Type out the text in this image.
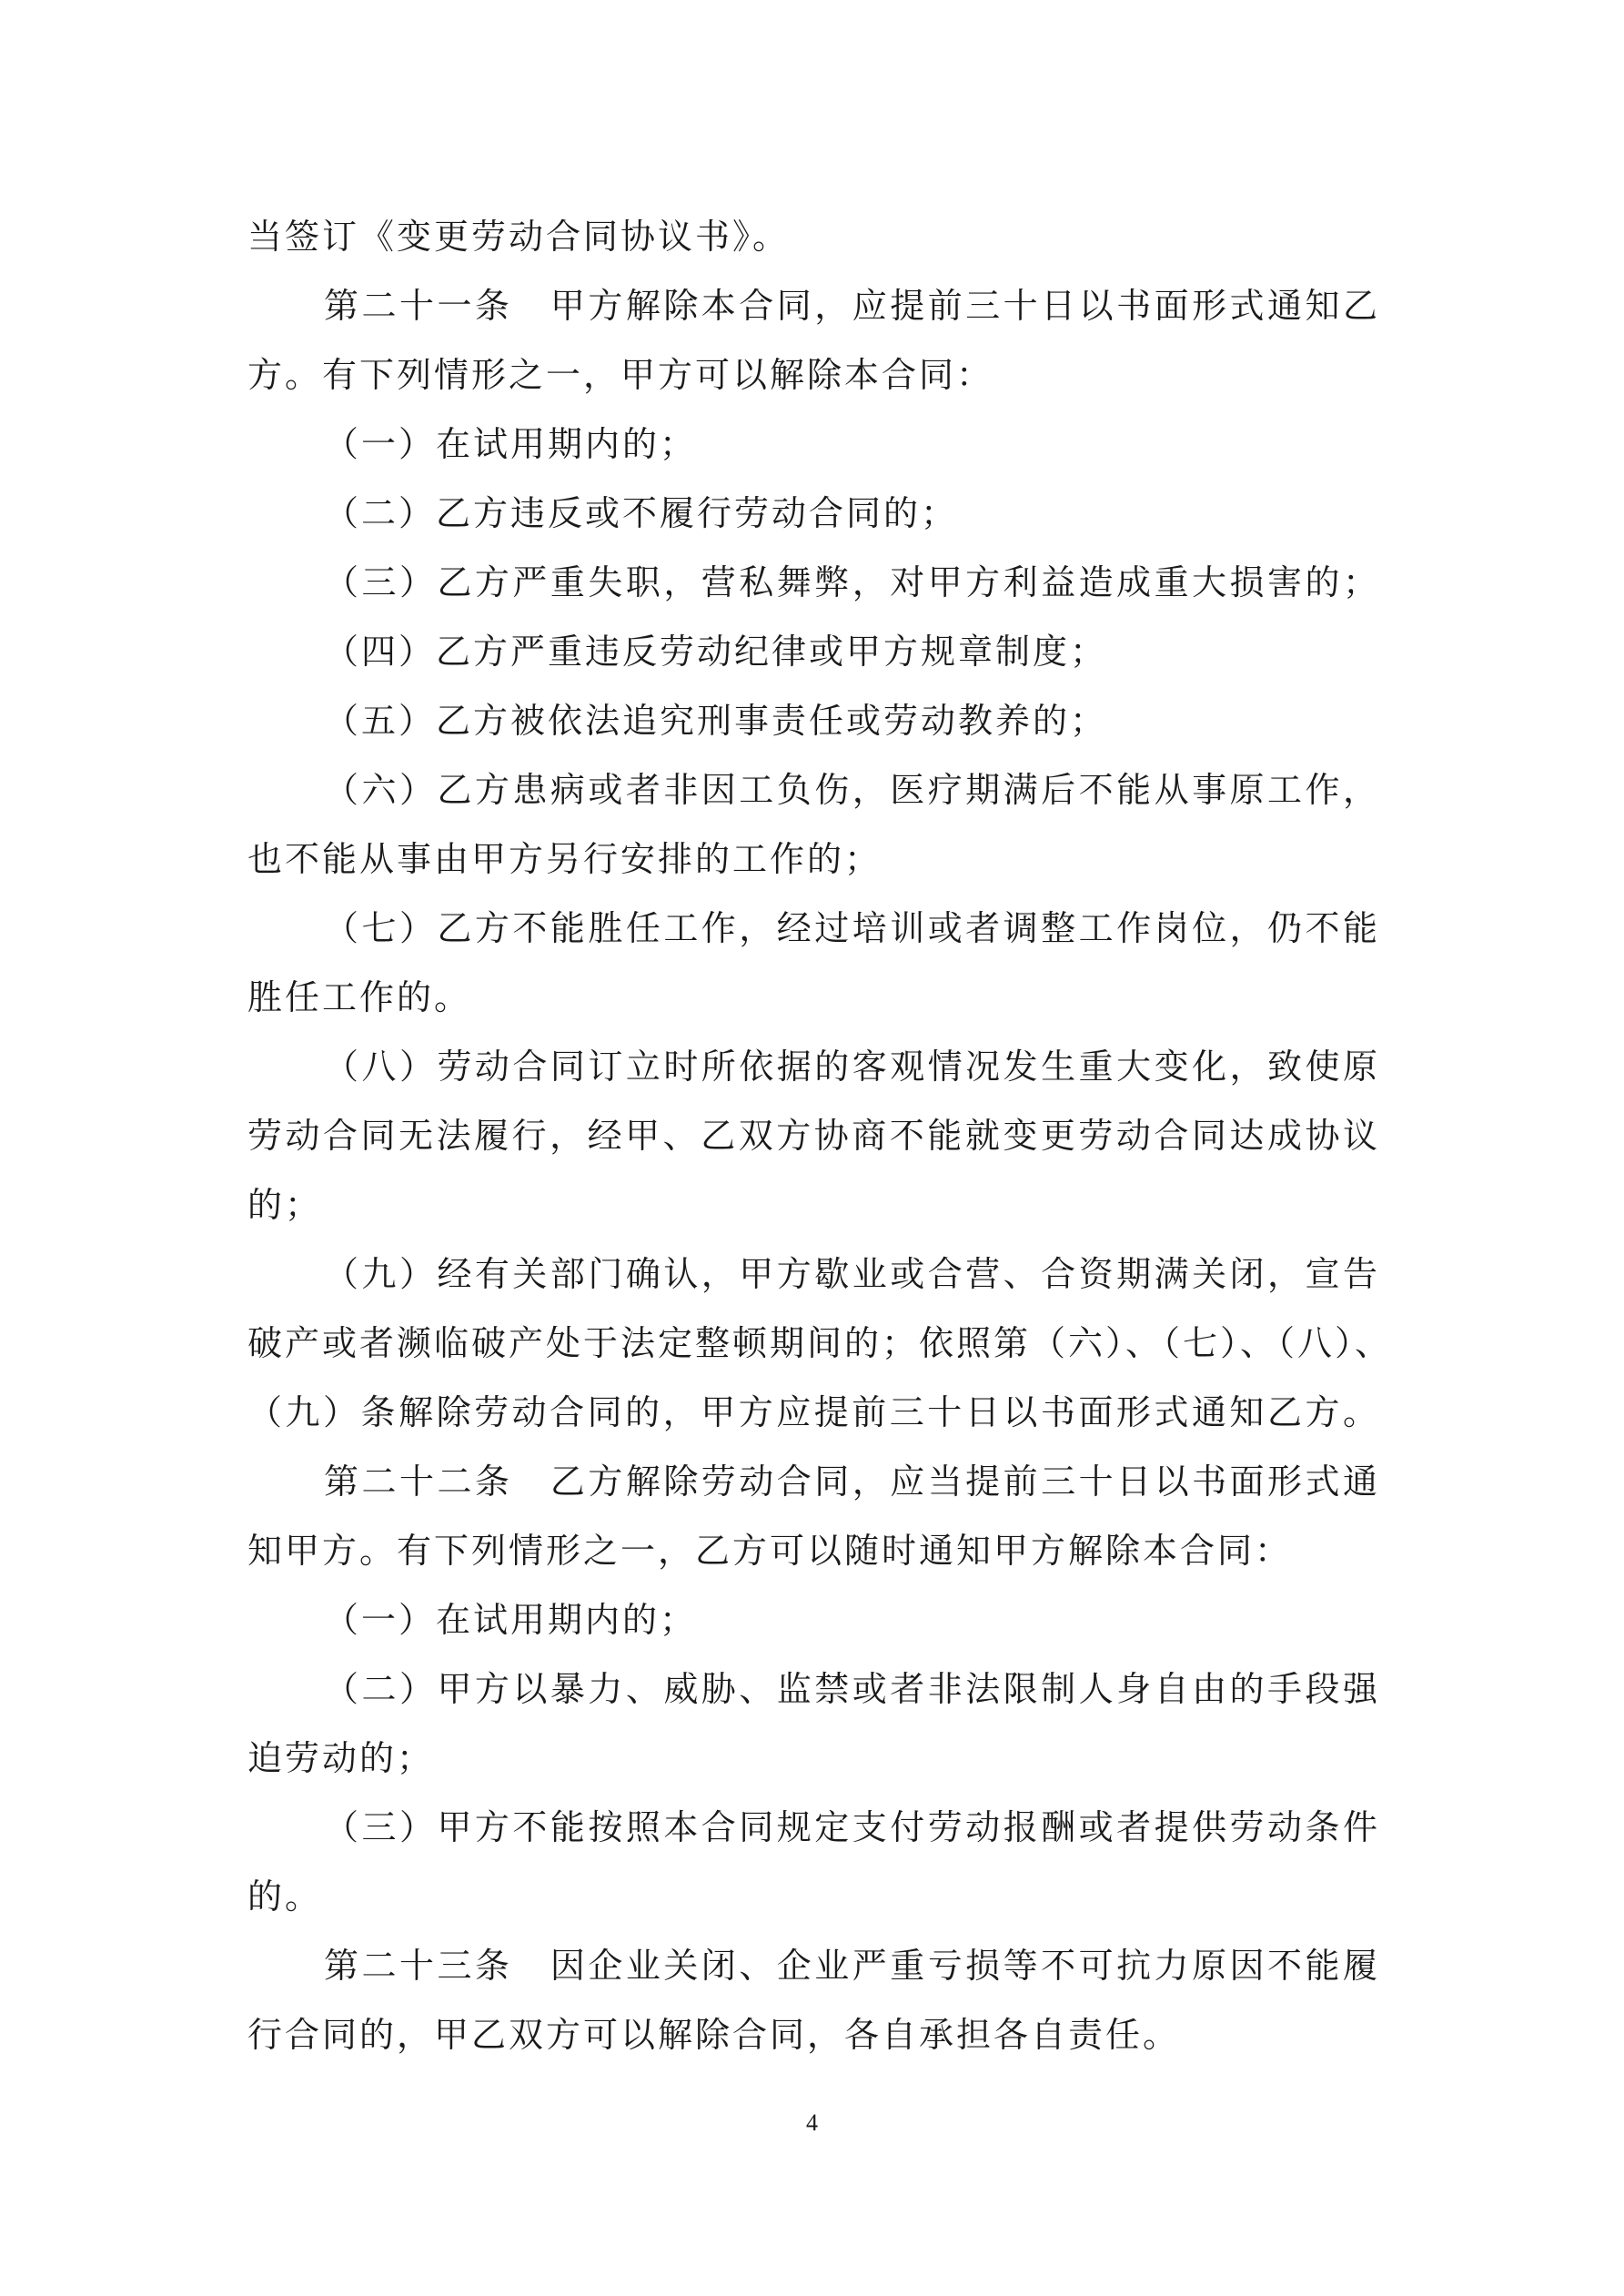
当签订《变更劳动合同协议书》。
第二十一条　甲方解除本合同，应提前三十日以书面形式通知乙
方。有下列情形之一，甲方可以解除本合同：
（一）在试用期内的；
（二）乙方违反或不履行劳动合同的；
（三）乙方严重失职，营私舞弊，对甲方利益造成重大损害的；
（四）乙方严重违反劳动纪律或甲方规章制度；
（五）乙方被依法追究刑事责任或劳动教养的；
（六）乙方患病或者非因工负伤，医疗期满后不能从事原工作，
也不能从事由甲方另行安排的工作的；
（七）乙方不能胜任工作，经过培训或者调整工作岗位，仍不能
胜任工作的。
（八）劳动合同订立时所依据的客观情况发生重大变化，致使原
劳动合同无法履行，经甲、乙双方协商不能就变更劳动合同达成协议
的；
（九）经有关部门确认，甲方歇业或合营、合资期满关闭，宣告
破产或者濒临破产处于法定整顿期间的；依照第（六）、（七）、（八）、
（九）条解除劳动合同的，甲方应提前三十日以书面形式通知乙方。
第二十二条　乙方解除劳动合同，应当提前三十日以书面形式通
知甲方。有下列情形之一，乙方可以随时通知甲方解除本合同：
（一）在试用期内的；
（二）甲方以暴力、威胁、监禁或者非法限制人身自由的手段强
迫劳动的；
（三）甲方不能按照本合同规定支付劳动报酬或者提供劳动条件
的。
第二十三条　因企业关闭、企业严重亏损等不可抗力原因不能履
行合同的，甲乙双方可以解除合同，各自承担各自责任。
4
